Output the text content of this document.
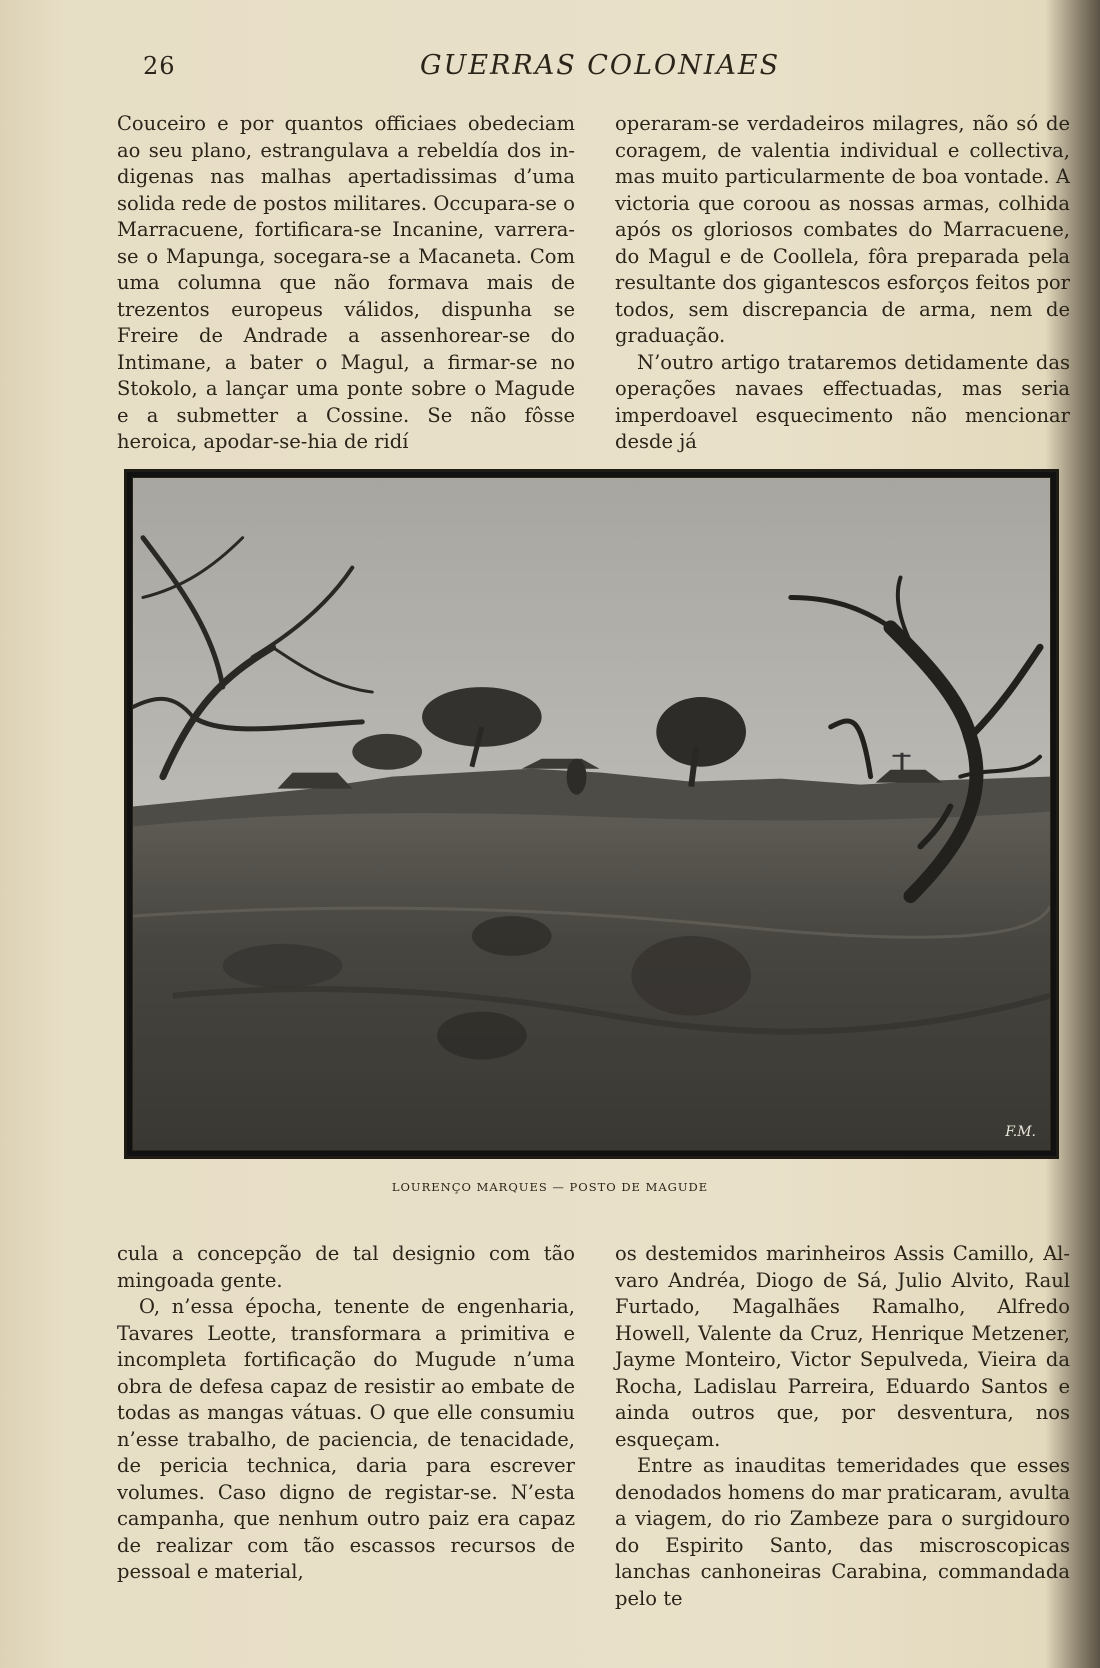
26	GUERRAS COLONIAES

Couceiro e por quantos officiaes obedeciam ao seu plano, estrangulava a rebeldía dos indigenas nas malhas apertadissimas d’uma solida rede de postos militares. Occupara-se o Marracuene, fortificara-se Incanine, varrera-se o Mapunga, socegara-se a Macaneta. Com uma columna que não formava mais de trezentos europeus válidos, dispunha se Freire de Andrade a assenhorear-se do Intimane, a bater o Magul, a firmar-se no Stokolo, a lançar uma ponte sobre o Magude e a submetter a Cossine. Se não fôsse heroica, apodar-se-hia de ridí

operaram-se verdadeiros milagres, não só de coragem, de valentia individual e collectiva, mas muito particularmente de boa vontade. A victoria que coroou as nossas armas, colhida após os gloriosos combates do Marracuene, do Magul e de Coollela, fôra preparada pela resultante dos gigantescos esforços feitos por todos, sem discrepancia de arma, nem de graduação.

N’outro artigo trataremos detidamente das operações navaes effectuadas, mas seria imperdoavel esquecimento não mencionar desde já

F.M.
LOURENÇO MARQUES — POSTO DE MAGUDE

cula a concepção de tal designio com tão mingoada gente.

O, n’essa épocha, tenente de engenharia, Tavares Leotte, transformara a primitiva e incompleta fortificação do Mugude n’uma obra de defesa capaz de resistir ao embate de todas as mangas vátuas. O que elle consumiu n’esse trabalho, de paciencia, de tenacidade, de pericia technica, daria para escrever volumes. Caso digno de registar-se. N’esta campanha, que nenhum outro paiz era capaz de realizar com tão escassos recursos de pessoal e material,

os destemidos marinheiros Assis Camillo, Alvaro Andréa, Diogo de Sá, Julio Alvito, Raul Furtado, Magalhães Ramalho, Alfredo Howell, Valente da Cruz, Henrique Metzener, Jayme Monteiro, Victor Sepulveda, Vieira da Rocha, Ladislau Parreira, Eduardo Santos e ainda outros que, por desventura, nos esqueçam.

Entre as inauditas temeridades que esses denodados homens do mar praticaram, avulta a viagem, do rio Zambeze para o surgidouro do Espirito Santo, das miscroscopicas lanchas canhoneiras Carabina, commandada pelo te
